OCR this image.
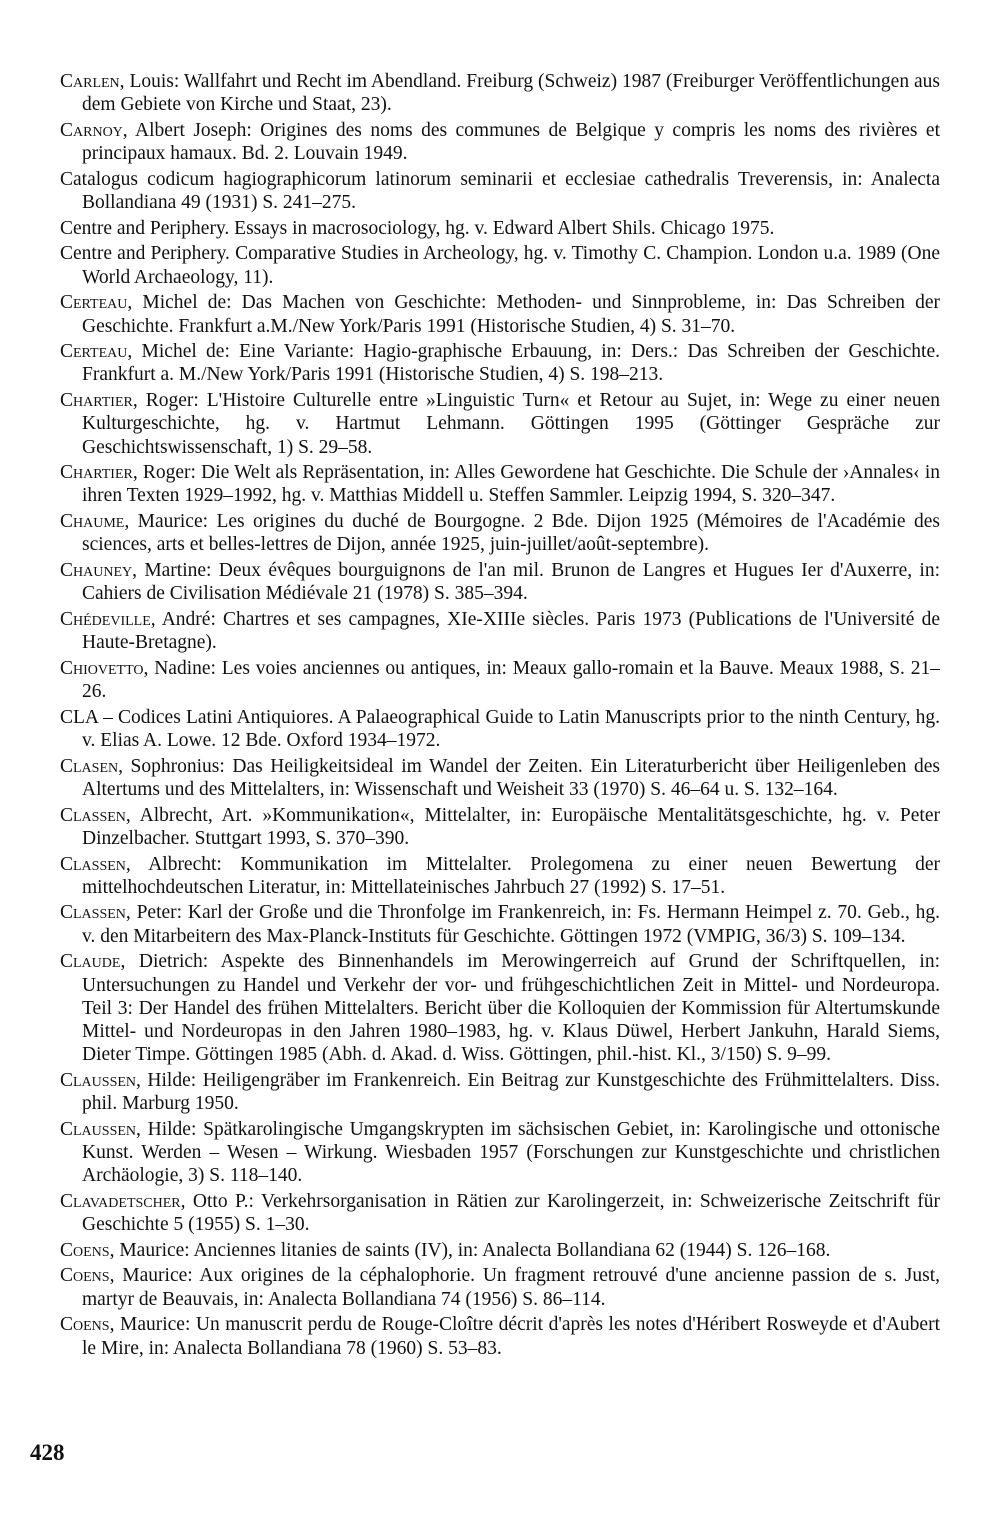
Carlen, Louis: Wallfahrt und Recht im Abendland. Freiburg (Schweiz) 1987 (Freiburger Veröffentlichungen aus dem Gebiete von Kirche und Staat, 23).

Carnoy, Albert Joseph: Origines des noms des communes de Belgique y compris les noms des rivières et principaux hamaux. Bd. 2. Louvain 1949.

Catalogus codicum hagiographicorum latinorum seminarii et ecclesiae cathedralis Treverensis, in: Analecta Bollandiana 49 (1931) S. 241–275.

Centre and Periphery. Essays in macrosociology, hg. v. Edward Albert Shils. Chicago 1975.

Centre and Periphery. Comparative Studies in Archeology, hg. v. Timothy C. Champion. London u.a. 1989 (One World Archaeology, 11).

Certeau, Michel de: Das Machen von Geschichte: Methoden- und Sinnprobleme, in: Das Schreiben der Geschichte. Frankfurt a.M./New York/Paris 1991 (Historische Studien, 4) S. 31–70.

Certeau, Michel de: Eine Variante: Hagio-graphische Erbauung, in: Ders.: Das Schreiben der Geschichte. Frankfurt a. M./New York/Paris 1991 (Historische Studien, 4) S. 198–213.

Chartier, Roger: L'Histoire Culturelle entre »Linguistic Turn« et Retour au Sujet, in: Wege zu einer neuen Kulturgeschichte, hg. v. Hartmut Lehmann. Göttingen 1995 (Göttinger Gespräche zur Geschichtswissenschaft, 1) S. 29–58.

Chartier, Roger: Die Welt als Repräsentation, in: Alles Gewordene hat Geschichte. Die Schule der ›Annales‹ in ihren Texten 1929–1992, hg. v. Matthias Middell u. Steffen Sammler. Leipzig 1994, S. 320–347.

Chaume, Maurice: Les origines du duché de Bourgogne. 2 Bde. Dijon 1925 (Mémoires de l'Académie des sciences, arts et belles-lettres de Dijon, année 1925, juin-juillet/août-septembre).

Chauney, Martine: Deux évêques bourguignons de l'an mil. Brunon de Langres et Hugues Ier d'Auxerre, in: Cahiers de Civilisation Médiévale 21 (1978) S. 385–394.

Chédeville, André: Chartres et ses campagnes, XIe-XIIIe siècles. Paris 1973 (Publications de l'Université de Haute-Bretagne).

Chiovetto, Nadine: Les voies anciennes ou antiques, in: Meaux gallo-romain et la Bauve. Meaux 1988, S. 21–26.

CLA – Codices Latini Antiquiores. A Palaeographical Guide to Latin Manuscripts prior to the ninth Century, hg. v. Elias A. Lowe. 12 Bde. Oxford 1934–1972.

Clasen, Sophronius: Das Heiligkeitsideal im Wandel der Zeiten. Ein Literaturbericht über Heiligenleben des Altertums und des Mittelalters, in: Wissenschaft und Weisheit 33 (1970) S. 46–64 u. S. 132–164.

Classen, Albrecht, Art. »Kommunikation«, Mittelalter, in: Europäische Mentalitätsgeschichte, hg. v. Peter Dinzelbacher. Stuttgart 1993, S. 370–390.

Classen, Albrecht: Kommunikation im Mittelalter. Prolegomena zu einer neuen Bewertung der mittelhochdeutschen Literatur, in: Mittellateinisches Jahrbuch 27 (1992) S. 17–51.

Classen, Peter: Karl der Große und die Thronfolge im Frankenreich, in: Fs. Hermann Heimpel z. 70. Geb., hg. v. den Mitarbeitern des Max-Planck-Instituts für Geschichte. Göttingen 1972 (VMPIG, 36/3) S. 109–134.

Claude, Dietrich: Aspekte des Binnenhandels im Merowingerreich auf Grund der Schriftquellen, in: Untersuchungen zu Handel und Verkehr der vor- und frühgeschichtlichen Zeit in Mittel- und Nordeuropa. Teil 3: Der Handel des frühen Mittelalters. Bericht über die Kolloquien der Kommission für Altertumskunde Mittel- und Nordeuropas in den Jahren 1980–1983, hg. v. Klaus Düwel, Herbert Jankuhn, Harald Siems, Dieter Timpe. Göttingen 1985 (Abh. d. Akad. d. Wiss. Göttingen, phil.-hist. Kl., 3/150) S. 9–99.

Claussen, Hilde: Heiligengräber im Frankenreich. Ein Beitrag zur Kunstgeschichte des Frühmittelalters. Diss. phil. Marburg 1950.

Claussen, Hilde: Spätkarolingische Umgangskrypten im sächsischen Gebiet, in: Karolingische und ottonische Kunst. Werden – Wesen – Wirkung. Wiesbaden 1957 (Forschungen zur Kunstgeschichte und christlichen Archäologie, 3) S. 118–140.

Clavadetscher, Otto P.: Verkehrsorganisation in Rätien zur Karolingerzeit, in: Schweizerische Zeitschrift für Geschichte 5 (1955) S. 1–30.

Coens, Maurice: Anciennes litanies de saints (IV), in: Analecta Bollandiana 62 (1944) S. 126–168.

Coens, Maurice: Aux origines de la céphalophorie. Un fragment retrouvé d'une ancienne passion de s. Just, martyr de Beauvais, in: Analecta Bollandiana 74 (1956) S. 86–114.

Coens, Maurice: Un manuscrit perdu de Rouge-Cloître décrit d'après les notes d'Héribert Rosweyde et d'Aubert le Mire, in: Analecta Bollandiana 78 (1960) S. 53–83.

428
